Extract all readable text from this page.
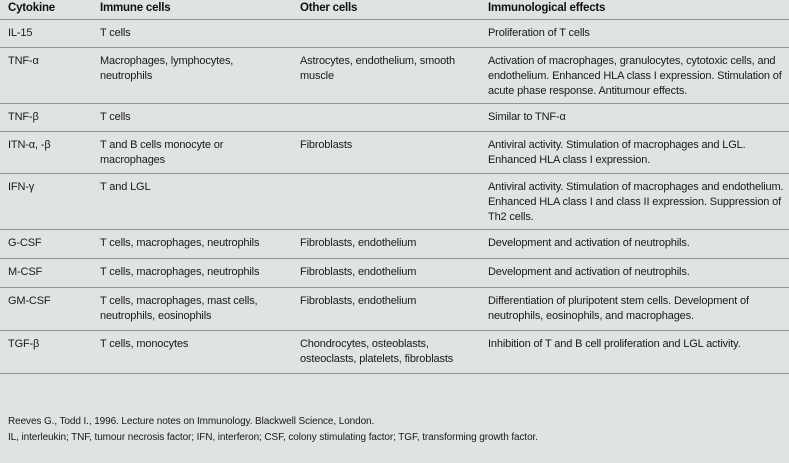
Cytokine	Immune cells	Other cells	Immunological effects
IL-15	T cells		Proliferation of T cells
TNF-α	Macrophages, lymphocytes, neutrophils	Astrocytes, endothelium, smooth muscle	Activation of macrophages, granulocytes, cytotoxic cells, and endothelium. Enhanced HLA class I expression. Stimulation of acute phase response. Antitumour effects.
TNF-β	T cells		Similar to TNF-α
ITN-α, -β	T and B cells monocyte or macrophages	Fibroblasts	Antiviral activity. Stimulation of macrophages and LGL. Enhanced HLA class I expression.
IFN-γ	T and LGL		Antiviral activity. Stimulation of macrophages and endothelium. Enhanced HLA class I and class II expression. Suppression of Th2 cells.
G-CSF	T cells, macrophages, neutrophils	Fibroblasts, endothelium	Development and activation of neutrophils.
M-CSF	T cells, macrophages, neutrophils	Fibroblasts, endothelium	Development and activation of neutrophils.
GM-CSF	T cells, macrophages, mast cells, neutrophils, eosinophils	Fibroblasts, endothelium	Differentiation of pluripotent stem cells. Development of neutrophils, eosinophils, and macrophages.
TGF-β	T cells, monocytes	Chondrocytes, osteoblasts, osteoclasts, platelets, fibroblasts	Inhibition of T and B cell proliferation and LGL activity.
Reeves G., Todd I., 1996. Lecture notes on Immunology. Blackwell Science, London.
IL, interleukin; TNF, tumour necrosis factor; IFN, interferon; CSF, colony stimulating factor; TGF, transforming growth factor.
